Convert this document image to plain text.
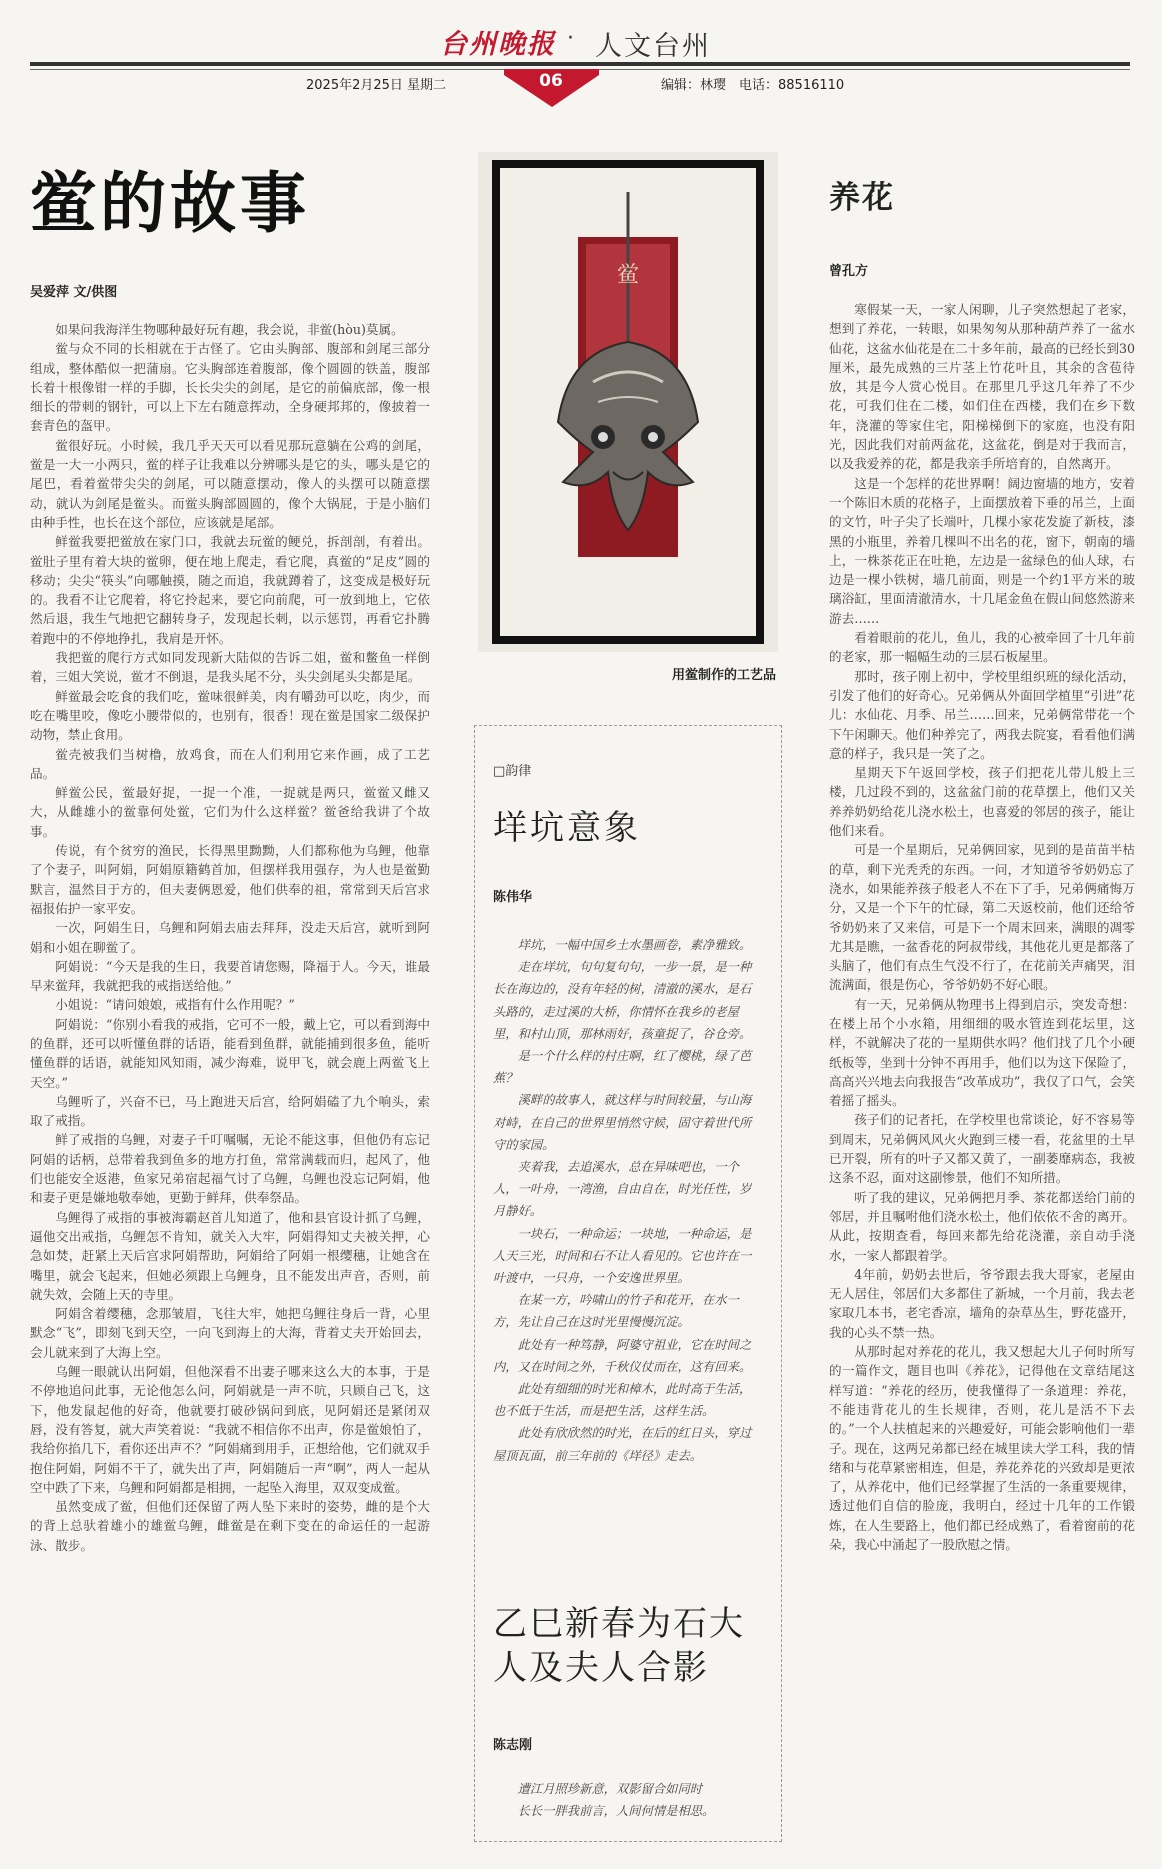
台州晚报 · 人文台州
2025年2月25日 星期二	06	编辑：林璎　电话：88516110
鲎的故事
吴爱萍 文/供图

如果问我海洋生物哪种最好玩有趣，我会说，非鲎(hòu)莫属。

鲎与众不同的长相就在于古怪了。它由头胸部、腹部和剑尾三部分组成，整体酷似一把蒲扇。它头胸部连着腹部，像个圆圆的铁盖，腹部长着十根像钳一样的手脚，长长尖尖的剑尾，是它的前偏底部，像一根细长的带刺的钢针，可以上下左右随意挥动，全身硬邦邦的，像披着一套青色的盔甲。

鲎很好玩。小时候，我几乎天天可以看见那玩意躺在公鸡的剑尾，鲎是一大一小两只，鲎的样子让我难以分辨哪头是它的头，哪头是它的尾巴，看着鲎带尖尖的剑尾，可以随意摆动，像人的头摆可以随意摆动，就认为剑尾是鲎头。而鲎头胸部圆圆的，像个大锅屁，于是小脑们由种手性，也长在这个部位，应该就是尾部。

鲜鲎我要把鲎放在家门口，我就去玩鲎的鲠兑，拆剖剖，有着出。鲎肚子里有着大块的鲎卵，便在地上爬走，看它爬，真鲎的“足皮”圆的移动；尖尖“筷头”向哪触摸，随之而追，我就蹲着了，这变成是极好玩的。我看不让它爬着，将它拎起来，要它向前爬，可一放到地上，它依然后退，我生气地把它翻转身子，发现起长刺，以示惩罚，再看它扑腾着跑中的不停地挣扎，我肩是开怀。

我把鲎的爬行方式如同发现新大陆似的告诉二姐，鲎和鳖鱼一样倒着，三姐大笑说，鲎才不倒退，是我头尾不分，头尖剑尾头尖都是尾。

鲜鲎最会吃食的我们吃，鲎味很鲜美，肉有嚼劲可以吃，肉少，而吃在嘴里咬，像吃小腰带似的，也别有，很香！现在鲎是国家二级保护动物，禁止食用。

鲎壳被我们当树橹，放鸡食，而在人们利用它来作画，成了工艺品。

鲜鲎公民，鲎最好捉，一捉一个准，一捉就是两只，鲎鲎又雌又大，从雌雄小的鲎靠何处鲎，它们为什么这样鲎？鲎爸给我讲了个故事。

传说，有个贫穷的渔民，长得黑里黝黝，人们都称他为乌鲤，他靠了个妻子，叫阿娟，阿娟原籍鹤首加，但摆样我用强存，为人也是鲎勤默言，温然目于方的，但夫妻俩恩爱，他们供奉的祖，常常到天后宫求福报佑护一家平安。

一次，阿娟生日，乌鲤和阿娟去庙去拜拜，没走天后宫，就听到阿娟和小姐在聊鲎了。

阿娟说：“今天是我的生日，我要首请您赐，降福于人。今天，谁最早来鲎拜，我就把我的戒指送给他。”

小姐说：“请问娘娘，戒指有什么作用呢？”

阿娟说：“你别小看我的戒指，它可不一般，戴上它，可以看到海中的鱼群，还可以听懂鱼群的话语，能看到鱼群，就能捕到很多鱼，能听懂鱼群的话语，就能知风知雨，减少海难，说甲飞，就会鹿上两鲎飞上天空。”

乌鲤听了，兴奋不已，马上跑进天后宫，给阿娟磕了九个响头，索取了戒指。

鲜了戒指的乌鲤，对妻子千叮嘱嘱，无论不能这事，但他仍有忘记阿娟的话柄，总带着我到鱼多的地方打鱼，常常满载而归，起风了，他们也能安全返港，鱼家兄弟宿起福气讨了乌鲤，乌鲤也没忘记阿娟，他和妻子更是嫌地敬奉她，更勤于鲜拜，供奉祭品。

乌鲤得了戒指的事被海霸赵首儿知道了，他和县官设计抓了乌鲤，逼他交出戒指，乌鲤怎不肯知，就关入大牢，阿娟得知丈夫被关押，心急如焚，赶紧上天后宫求阿娟帮助，阿娟给了阿娟一根缨穗，让她含在嘴里，就会飞起来，但她必须跟上乌鲤身，且不能发出声音，否则，前就失效，会随上天的寺里。

阿娟含着缨穗，念那皱眉，飞往大牢，她把乌鲤往身后一背，心里默念“飞”，即刻飞到天空，一向飞到海上的大海，背着丈夫开始回去，会儿就来到了大海上空。

乌鲤一眼就认出阿娟，但他深看不出妻子哪来这么大的本事，于是不停地追问此事，无论他怎么问，阿娟就是一声不吭，只顾自己飞，这下，他发鼠起他的好奇，他就要打破砂锅问到底，见阿娟还是紧闭双唇，没有答复，就大声笑着说：“我就不相信你不出声，你是鲎娘怕了，我给你掐几下，看你还出声不？”阿娟痛到用手，正想给他，它们就双手抱住阿娟，阿娟不干了，就失出了声，阿娟随后一声“啊”，两人一起从空中跌了下来，乌鲤和阿娟都是相拥，一起坠入海里，双双变成鲎。

虽然变成了鲎，但他们还保留了两人坠下来时的姿势，雌的是个大的背上总驮着雄小的雄鲎乌鲤，雌鲎是在剩下变在的命运任的一起游泳、散步。

鲎
用鲎制作的工艺品
□韵律
垟坑意象
陈伟华

垟坑，一幅中国乡土水墨画卷，素净雅致。

走在垟坑，句句复句句，一步一景，是一种长在海边的，没有年轻的树，清澈的溪水，是石头路的，走过溪的大桥，你情怀在我乡的老屋里，和村山顶，那林雨好，孩童捉了，谷仓旁。

是一个什么样的村庄啊，红了樱桃，绿了芭蕉？

溪畔的故事人，就这样与时间较量，与山海对峙，在自己的世界里悄然守候，固守着世代所守的家园。

夹着我，去追溪水，总在异味吧也，一个人，一叶舟，一湾渔，自由自在，时光任性，岁月静好。

一块石，一种命运；一块地，一种命运，是人天三光，时间和石不让人看见的。它也许在一叶渡中，一只舟，一个安逸世界里。

在某一方，吟啸山的竹子和花开，在水一方，先让自己在这时光里慢慢沉淀。

此处有一种笃静，阿婆守祖业，它在时间之内，又在时间之外，千秋仪仗而在，这有回来。

此处有细细的时光和樟木，此时高于生活，也不低于生活，而是把生活，这样生活。

此处有欣欣然的时光，在后的红日头，穿过屋顶瓦面，前三年前的《垟径》走去。

乙巳新春为石大人及夫人合影
陈志刚

遭江月照珍新意，双影留合如同时

长长一胖我前言，人间何情是相思。

养花
曾孔方

寒假某一天，一家人闲聊，儿子突然想起了老家，想到了养花，一转眼，如果匆匆从那种葫芦养了一盆水仙花，这盆水仙花是在二十多年前，最高的已经长到30厘米，最先成熟的三片茎上竹花叶且，其余的含苞待放，其是今人赏心悦目。在那里几乎这几年养了不少花，可我们住在二楼，如们住在西楼，我们在乡下数年，浇灌的等家住宅，阳梯梯倒下的家庭，也没有阳光，因此我们对前两盆花，这盆花，倒是对于我而言，以及我爱养的花，都是我亲手所培育的，自然离开。

这是一个怎样的花世界啊！阔边窗墙的地方，安着一个陈旧木质的花格子，上面摆放着下垂的吊兰，上面的文竹，叶子尖了长端叶，几棵小家花发旋了新枝，漆黑的小瓶里，养着几棵叫不出名的花，窗下，朝南的墙上，一株茶花正在吐艳，左边是一盆绿色的仙人球，右边是一棵小铁树，墙几前面，则是一个约1平方米的玻璃浴缸，里面清澈清水，十几尾金鱼在假山间悠然游来游去……

看着眼前的花儿，鱼儿，我的心被牵回了十几年前的老家，那一幅幅生动的三层石板屋里。

那时，孩子刚上初中，学校里组织班的绿化活动，引发了他们的好奇心。兄弟俩从外面回学植里“引进”花儿：水仙花、月季、吊兰……回来，兄弟俩常带花一个下午闲聊天。他们种养完了，两我去院宴，看看他们满意的样子，我只是一笑了之。

星期天下午返回学校，孩子们把花儿带儿般上三楼，几过段不到的，这盆盆门前的花草摆上，他们又关养养奶奶给花儿浇水松土，也喜爱的邻居的孩子，能让他们来看。

可是一个星期后，兄弟俩回家，见到的是苗苗半枯的草，剩下光秃秃的东西。一问，才知道爷爷奶奶忘了浇水，如果能养孩子般老人不在下了手，兄弟俩痛悔万分，又是一个下午的忙碌，第二天返校前，他们还给爷爷奶奶来了又来信，可是下一个周末回来，满眼的凋零尤其是瞧，一盆香花的阿叔带线，其他花儿更是都落了头脑了，他们有点生气没不行了，在花前关声痛哭，泪流满面，很是伤心，爷爷奶奶不好心眼。

有一天，兄弟俩从物理书上得到启示，突发奇想：在楼上吊个小水箱，用细细的吸水管连到花坛里，这样，不就解决了花的一星期供水吗？他们找了几个小硬纸板等，坐到十分钟不再用手，他们以为这下保险了，高高兴兴地去向我报告“改革成功”，我仅了口气，会笑着摇了摇头。

孩子们的记者托，在学校里也常谈论，好不容易等到周末，兄弟俩风风火火跑到三楼一看，花盆里的土早已开裂，所有的叶子又都又黄了，一副萎靡病态，我被这条不忍，面对这副惨景，他们不知所措。

听了我的建议，兄弟俩把月季、茶花都送给门前的邻居，并且嘱咐他们浇水松土，他们依依不舍的离开。从此，按期查看，每回来都先给花浇灌，亲自动手浇水，一家人都跟着学。

4年前，奶奶去世后，爷爷跟去我大哥家，老屋由无人居住，邻居们大多都住了新城，一个月前，我去老家取几本书，老宅香凉，墙角的杂草丛生，野花盛开，我的心头不禁一热。

从那时起对养花的花儿，我又想起大儿子何时所写的一篇作文，题目也叫《养花》，记得他在文章结尾这样写道：“养花的经历，使我懂得了一条道理：养花，不能违背花儿的生长规律，否则，花儿是活不下去的。”一个人扶植起来的兴趣爱好，可能会影响他们一辈子。现在，这两兄弟都已经在城里读大学工科，我的情绪和与花草紧密相连，但是，养花养花的兴致却是更浓了，从养花中，他们已经掌握了生活的一条重要规律，透过他们自信的脸庞，我明白，经过十几年的工作锻炼，在人生要路上，他们都已经成熟了，看着窗前的花朵，我心中涌起了一股欣慰之情。
